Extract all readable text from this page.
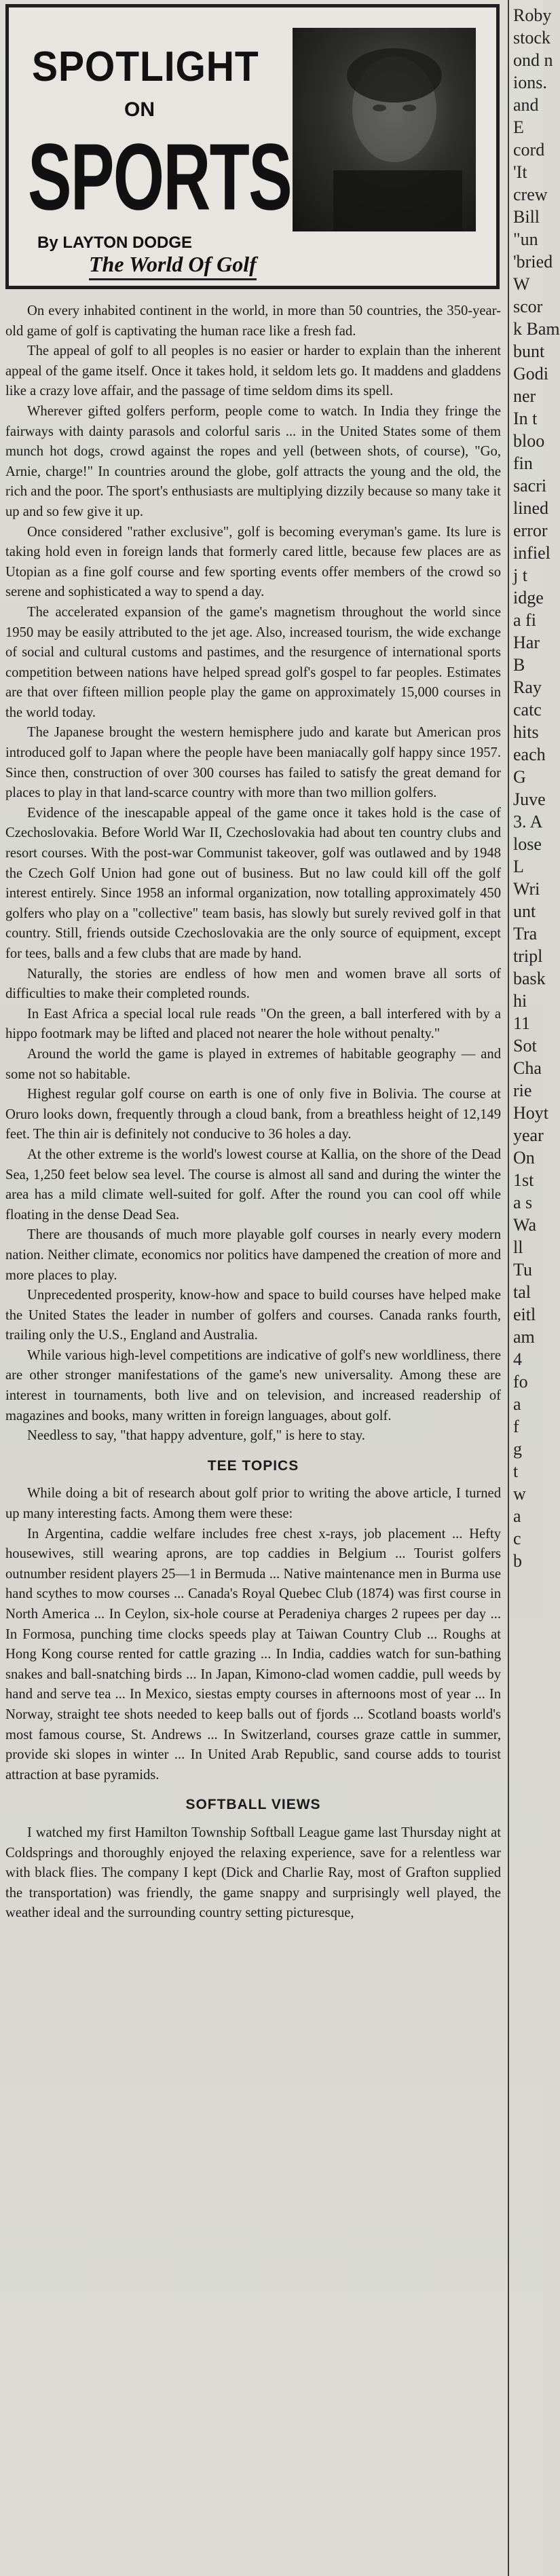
SPOTLIGHT
ON
SPORTS
By LAYTON DODGE
The World Of Golf

On every inhabited continent in the world, in more than 50 countries, the 350-year-old game of golf is captivating the human race like a fresh fad.

The appeal of golf to all peoples is no easier or harder to explain than the inherent appeal of the game itself. Once it takes hold, it seldom lets go. It maddens and gladdens like a crazy love affair, and the passage of time seldom dims its spell.

Wherever gifted golfers perform, people come to watch. In India they fringe the fairways with dainty parasols and colorful saris ... in the United States some of them munch hot dogs, crowd against the ropes and yell (between shots, of course), "Go, Arnie, charge!" In countries around the globe, golf attracts the young and the old, the rich and the poor. The sport's enthusiasts are multiplying dizzily because so many take it up and so few give it up.

Once considered "rather exclusive", golf is becoming everyman's game. Its lure is taking hold even in foreign lands that formerly cared little, because few places are as Utopian as a fine golf course and few sporting events offer members of the crowd so serene and sophisticated a way to spend a day.

The accelerated expansion of the game's magnetism throughout the world since 1950 may be easily attributed to the jet age. Also, increased tourism, the wide exchange of social and cultural customs and pastimes, and the resurgence of international sports competition between nations have helped spread golf's gospel to far peoples. Estimates are that over fifteen million people play the game on approximately 15,000 courses in the world today.

The Japanese brought the western hemisphere judo and karate but American pros introduced golf to Japan where the people have been maniacally golf happy since 1957. Since then, construction of over 300 courses has failed to satisfy the great demand for places to play in that land-scarce country with more than two million golfers.

Evidence of the inescapable appeal of the game once it takes hold is the case of Czechoslovakia. Before World War II, Czechoslovakia had about ten country clubs and resort courses. With the post-war Communist takeover, golf was outlawed and by 1948 the Czech Golf Union had gone out of business. But no law could kill off the golf interest entirely. Since 1958 an informal organization, now totalling approximately 450 golfers who play on a "collective" team basis, has slowly but surely revived golf in that country. Still, friends outside Czechoslovakia are the only source of equipment, except for tees, balls and a few clubs that are made by hand.

Naturally, the stories are endless of how men and women brave all sorts of difficulties to make their completed rounds.

In East Africa a special local rule reads "On the green, a ball interfered with by a hippo footmark may be lifted and placed not nearer the hole without penalty."

Around the world the game is played in extremes of habitable geography — and some not so habitable.

Highest regular golf course on earth is one of only five in Bolivia. The course at Oruro looks down, frequently through a cloud bank, from a breathless height of 12,149 feet. The thin air is definitely not conducive to 36 holes a day.

At the other extreme is the world's lowest course at Kallia, on the shore of the Dead Sea, 1,250 feet below sea level. The course is almost all sand and during the winter the area has a mild climate well-suited for golf. After the round you can cool off while floating in the dense Dead Sea.

There are thousands of much more playable golf courses in nearly every modern nation. Neither climate, economics nor politics have dampened the creation of more and more places to play.

Unprecedented prosperity, know-how and space to build courses have helped make the United States the leader in number of golfers and courses. Canada ranks fourth, trailing only the U.S., England and Australia.

While various high-level competitions are indicative of golf's new worldliness, there are other stronger manifestations of the game's new universality. Among these are interest in tournaments, both live and on television, and increased readership of magazines and books, many written in foreign languages, about golf.

Needless to say, "that happy adventure, golf," is here to stay.

TEE TOPICS

While doing a bit of research about golf prior to writing the above article, I turned up many interesting facts. Among them were these:

In Argentina, caddie welfare includes free chest x-rays, job placement ... Hefty housewives, still wearing aprons, are top caddies in Belgium ... Tourist golfers outnumber resident players 25—1 in Bermuda ... Native maintenance men in Burma use hand scythes to mow courses ... Canada's Royal Quebec Club (1874) was first course in North America ... In Ceylon, six-hole course at Peradeniya charges 2 rupees per day ... In Formosa, punching time clocks speeds play at Taiwan Country Club ... Roughs at Hong Kong course rented for cattle grazing ... In India, caddies watch for sun-bathing snakes and ball-snatching birds ... In Japan, Kimono-clad women caddie, pull weeds by hand and serve tea ... In Mexico, siestas empty courses in afternoons most of year ... In Norway, straight tee shots needed to keep balls out of fjords ... Scotland boasts world's most famous course, St. Andrews ... In Switzerland, courses graze cattle in summer, provide ski slopes in winter ... In United Arab Republic, sand course adds to tourist attraction at base pyramids.

SOFTBALL VIEWS

I watched my first Hamilton Township Softball League game last Thursday night at Coldsprings and thoroughly enjoyed the relaxing experience, save for a relentless war with black flies. The company I kept (Dick and Charlie Ray, most of Grafton supplied the transportation) was friendly, the game snappy and surprisingly well played, the weather ideal and the surrounding country setting picturesque,

Roby
stock
ond n
ions.
and
E
cord
'It
crew
Bill
"un
'bried
W
scor
k Bam
bunt
Godi
ner
In t
bloo
fin
sacri
lined
error
infiel
j t
idge
a fi
Har
B
Ray
catc
hits
each
G
Juve
3. A
lose
L
Wri
unt
Tra
tripl
bask
hi
11
Sot
Cha
rie
Hoyt
year
On
1st
a s
Wa
ll
Tu
tal
eitl
am
4
fo
a
f
g
t
w
a
c
b
